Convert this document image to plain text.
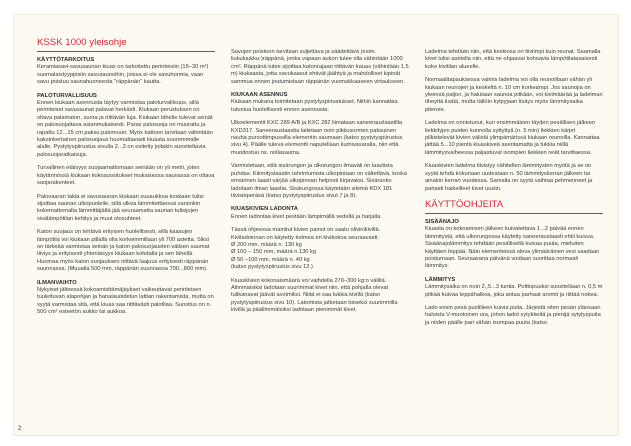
KSSK 1000 yleisohje
KÄYTTÖTARKOITUS
Keramiasavi-savusaunan kiuas on tarkoitettu perinteisiin (15–30 m³) suomalaistyyppisiin savusaunoihin, joissa ei ole savuhormia, vaan savu poistuu saunahuoneesta "räppänän" kautta.
PALOTURVALLISUUS
Ennen kiukaan asennusta täytyy varmistaa paloturvallisuus, sillä perinteiset savusaunat palavat herkästi. Kiukaan perustuksen on oltava palamaton, suora ja riittävän luja. Kiukaan lähelle tulevat seinät on palosuojattava asianmukaisesti. Paras palosuoja on muurattu ja rapattu 12...15 cm paksu palomuuri. Myös kattoon tarvitaan vähintään kaksinkertainen palosuojaus huomattavasti kiuasta suuremmalle alalle. Pystytyspiirustus sivulla 2...3 on esitetty joitakin suositeltavia palosuojaratkaisuja.
Turvallinen etäisyys suojaamattomaan seinään on yli metri, joten käytännössä kiukaan kokosuositukset mukaisessa saunassa on oltava suojarakenteet.
Palovaaran takia ei savusaunan kiukaan suuaukkoa koskaan tulisi sijoittaa saunan ulkopuolelle, sillä ulkoa lämmitettäessä varsinkin kokemattomalta lämmittäjältä jää seuraamatta saunan tulisijojen sisälämpötilan kehitys ja muut olosuhteet.
Katon suojaus on tehtävä erityisen huolellisesti, sillä kaasujen lämpötila voi kiukaan pillallä olla korkeimmillaan yli 700 astetta. Siksi on tärkeää varmistaa seinän ja katon palosuojausten välisen saumat tiiviys ja erityisesti yhtenäisyys kiukaan kohdalla ja sen lähellä. Huomaa myös katon suojauksen riittävä laajuus erityisesti räppänän suunnassa. (Muualla 500 mm, räppänän suunnassa 700...800 mm).
ILMANVAIHTO
Nykyiset jälteessä kokoamisttämäjäykset vaikeuttavat perinteisen tuulettuvan alapohjan ja hanalauoidetun lattian rakentamista, mutta on syytä varmistaa sitä, että kiuas saa riittävästi palotilaa. Suositus on n. 500 cm² esteetön aukko tai aukkoa.
Savujen poistoon tarvitaan suljettava ja säädettävä (esim. liukuluukku-)räppänä, jonka vapaan aukon tulee olla vähintään 1000 cm². Räppänä tulee sijoittaa katonrajaan riittävän kauas (vähintään 1,5 m) kiukaasta, jotta savukaasut ehtivät jäähtyä ja mahdolliset kipinät sammua ennen joutumistaan räppänän vuomakkaaseen virtaukseen.
KIUKAAN ASENNUS
Kiukaan mukana toimitetaan pystytyspiirustukset. Niihin kannattaa tutustua huolellisesti ennen asennusta.
Ulkoelementit KXC 289 A/B ja KXC 282 liimataan saneerauslaastilla KXD317. Saneerauslaastia laitetaan noin pikkusormen paksuinen nauha pursottimpussilla elementin saumaan (katso pystytyspiirustus sivu 4). Päälle tuleva elementti naputellaan kumivasaralla, niin että muodostuu ns. nollasauma.
Varmistetaan, että sisärungon ja ulkorungon ilmaväli on laastista puhdas. Kiinnityslaastin tahrintumista ulkopintaan on vältettävä, koska erivärinen laasti värjää ulkopinnan helposti kirjavaksi. Sisärunko ladotaan ilman laastia. Sisärungossa käytetään silemä KDX 181 tiivisteperäsä (katso pystytyspiirustus sivut 7 ja 8).
KIUASKIVIEN LADONTA
Ennen ladontaa kivet pestään lämpimällä vedellä ja harjalla.
Tässä ohjeessa mainitut kivien painot on saatu olivinikivillä. Kiviladoinnan on käytetty kolmea eri kivikokoa seuraavasti:
Ø 200 mm, määrä n. 130 kg
Ø 100 – 150 mm, määrä n.130 kg
Ø 50 –100 mm, määrä n. 40 kg
(katso pystytyspiirustus sivu 12.)
Kiuaskivien kokonaismäärä voi vaihdella 270–300 kg:n välillä. Alimmaisiksi ladotaan suurimmat kivet niin, että pohjalla olevat tulikanavat jäävät avoimiksi. Niitä ei saa tukkia kivillä (katso pystytyspiirustus sivu 10). Latomista jatketaan toiseksi suurimmilla kivillä ja päällimmäisiksi ladotaan pienimmät kivet.
Ladelma tehdään niin, että keskiosa on tiiviimpi kuin reunat. Saamalla kivet tulisi asetella niin, että ne ohjaavat kohoavia lämpötilatasaisesti koko kivitilan alueelle.
Normaalitapauksessa valmis ladelma voi olla reunoiltaan vähän yli kiukaan reunojen ja keskeltä n. 10 cm korkeampi. Jos saunojia on yleensä paljon, ja halutaan saunoa pitkään, voi kivimäärää ja ladelman tiheyttä lisätä, mutta tällöin kylpyjaan lisäys myös lämmitysaika pitenee.
Ladelma on onnistunut, kun ensimmäisen täyden pesällisen jälkeen liekkityjen puiden kunnolla syttyttyä (n. 5 min) liekkien kärjet pilkistelevät kivien välistä ylimpämärissä kiukaan reunoilla. Kannattaa jättää 5...10 pientä kiuaskiveä asentamatta ja tukkia niillä lämmitysvaiheessa paljastuvat isompien liekkien reiät tarvittaessa.
Kiuaskivien ladelma tiivistyy vähitellen lämmitysten myötä ja se on syytä tehdä kokonaan uudestaan n. 50 lämmityskerran jälkeen tai ainakin kerran vuodessa. Samalla on syytä vaihtaa pehmenneet ja pahasti haikeilleet kivet uusiin.
KÄYTTÖOHJEITA
SISÄÄNAJO
Kiuasta on kokoamisen jälkeen kuivatettava 1...2 päivää ennen lämmitystä, että ulkorungossa käytetty saneerauslaasti ehtii kuivua. Sisäänajolämmitys tehdään pesällisellä kuivaa puuta, mieluiten käyttäen leppää. Näin elementeissä oleva ylimääräinen vesi saadaan poistumaan. Seuraavana päivänä voidaan suorittaa normaali lämmitys.
LÄMMITYS
Lämmitysaika on noin 2,,5...3 tuntia. Polttopuuksi suositellaan n. 0,5 m pitkää kuivaa leppähalkoa, joka antaa parhaat aromit ja riittää nokea.
Lado ensin pesä puolilleen kuivia puita. Järjestä siten pesän yläosaan haloista V-muotoinen ura, johon ladot sytykkeitä ja pienijä sytytyspuita ja niiden päälle pari vähän isompaa puuta (katso
2
